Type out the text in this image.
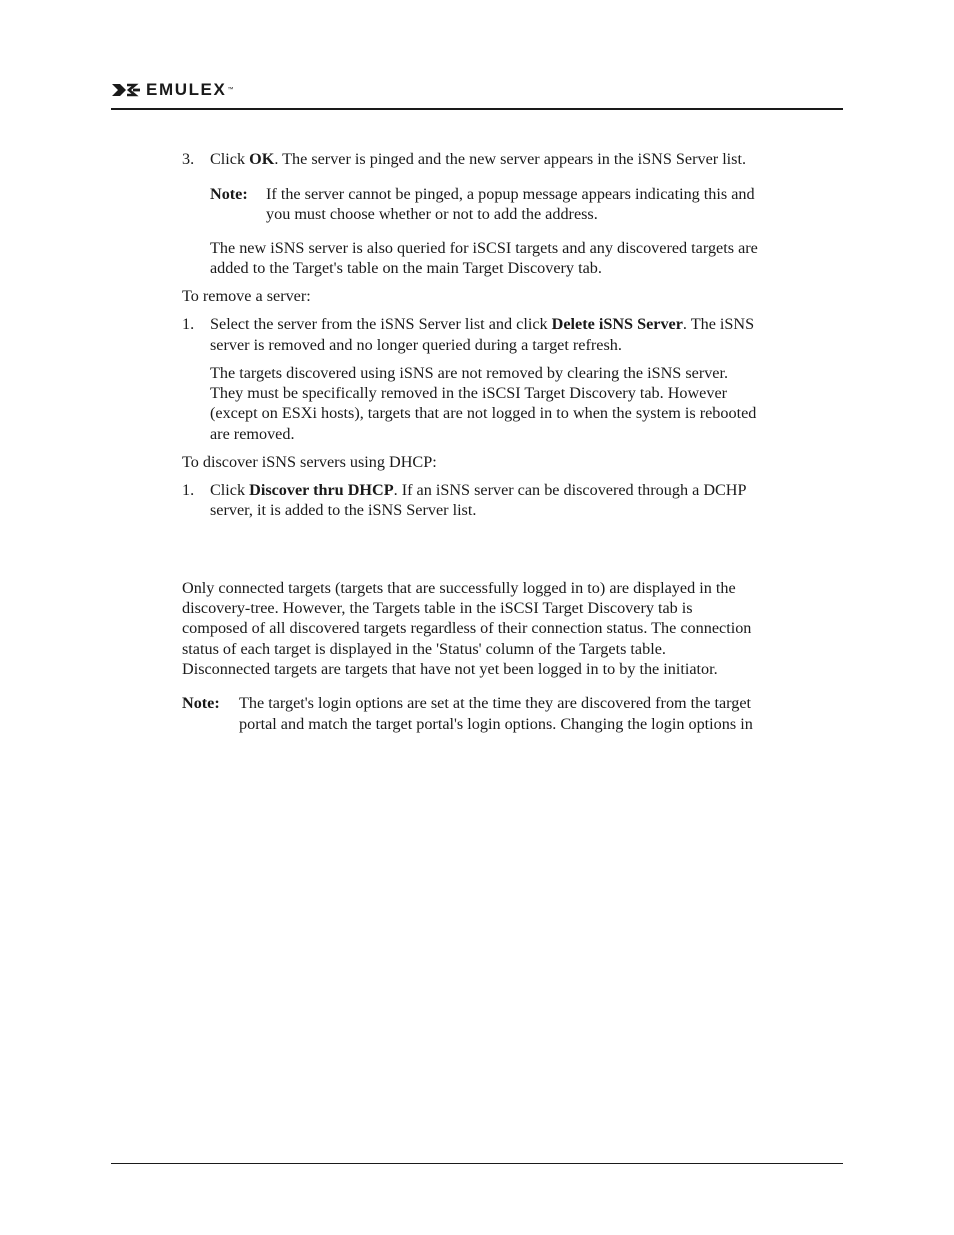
EMULEX ™
3. Click OK. The server is pinged and the new server appears in the iSNS Server list.
Note: If the server cannot be pinged, a popup message appears indicating this and
you must choose whether or not to add the address.
The new iSNS server is also queried for iSCSI targets and any discovered targets are
added to the Target's table on the main Target Discovery tab.
To remove a server:
1. Select the server from the iSNS Server list and click Delete iSNS Server. The iSNS
server is removed and no longer queried during a target refresh.
The targets discovered using iSNS are not removed by clearing the iSNS server.
They must be specifically removed in the iSCSI Target Discovery tab. However
(except on ESXi hosts), targets that are not logged in to when the system is rebooted
are removed.
To discover iSNS servers using DHCP:
1. Click Discover thru DHCP. If an iSNS server can be discovered through a DCHP
server, it is added to the iSNS Server list.
Only connected targets (targets that are successfully logged in to) are displayed in the
discovery-tree. However, the Targets table in the iSCSI Target Discovery tab is
composed of all discovered targets regardless of their connection status. The connection
status of each target is displayed in the 'Status' column of the Targets table.
Disconnected targets are targets that have not yet been logged in to by the initiator.
Note: The target's login options are set at the time they are discovered from the target
portal and match the target portal's login options. Changing the login options in
